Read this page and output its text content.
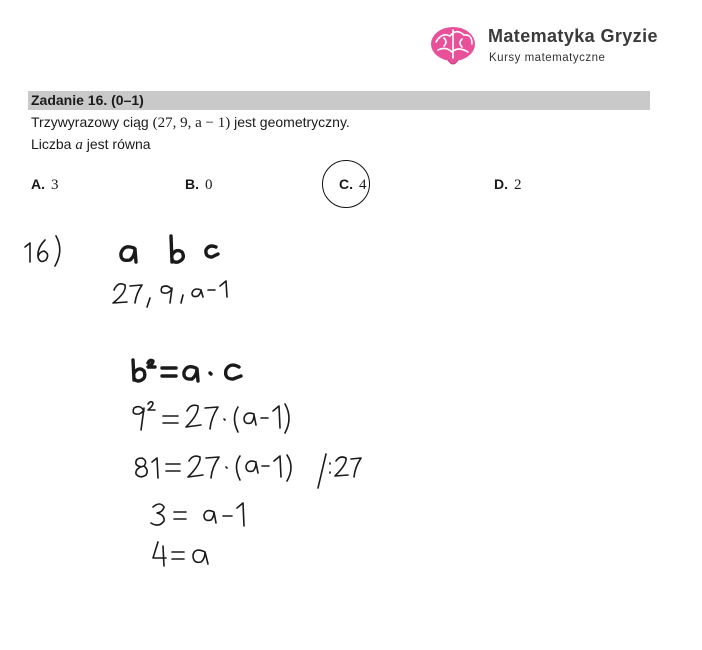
Matematyka Gryzie
Kursy matematyczne
Zadanie 16. (0–1)
Trzywyrazowy ciąg (27, 9, a − 1) jest geometryczny.
Liczba a jest równa
A. 3	B. 0	C. 4	D. 2
